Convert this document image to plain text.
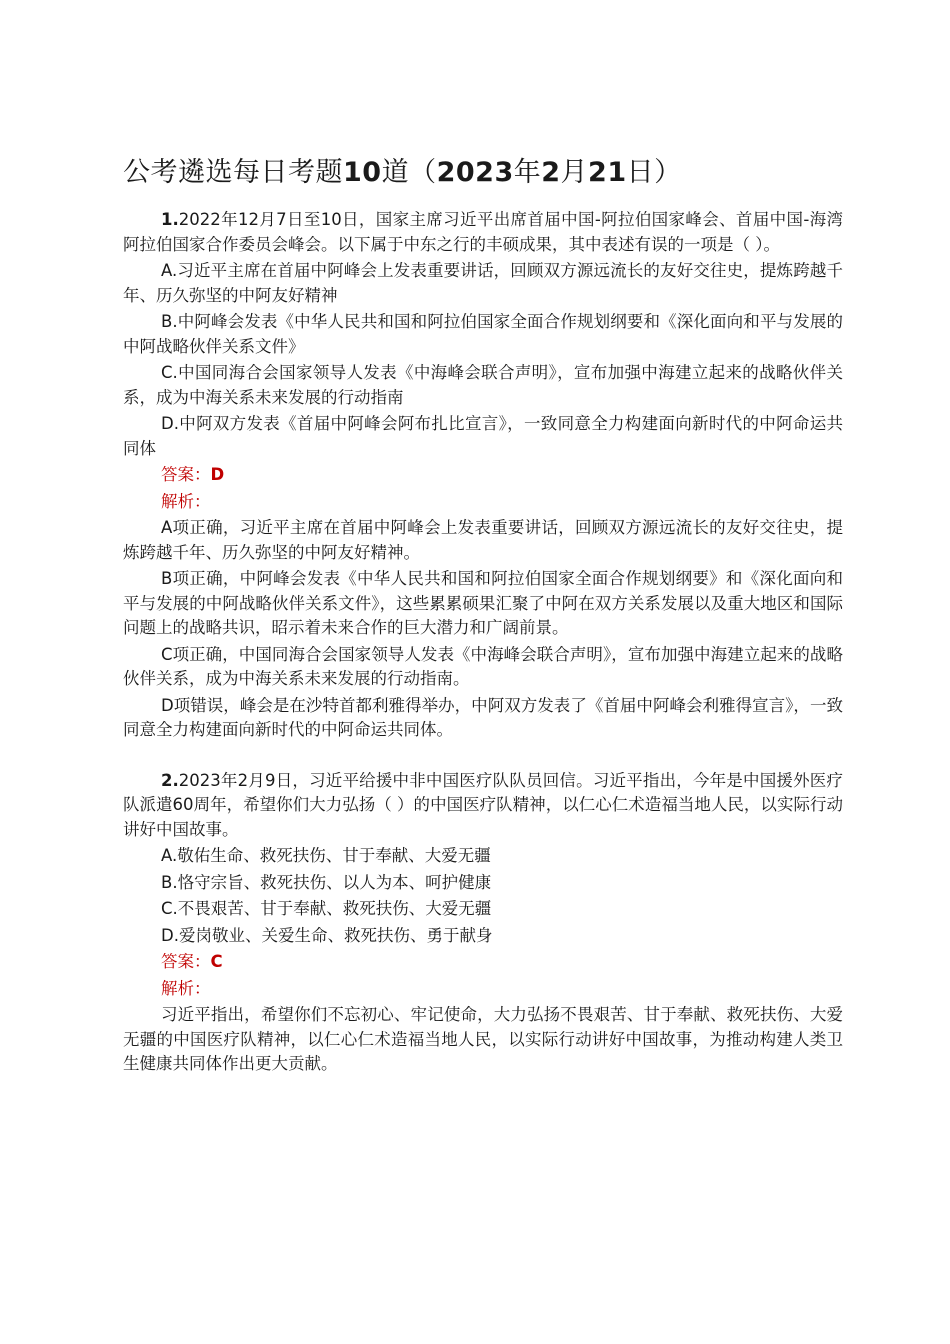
公考遴选每日考题10道（2023年2月21日）

1.2022年12月7日至10日，国家主席习近平出席首届中国-阿拉伯国家峰会、首届中国-海湾阿拉伯国家合作委员会峰会。以下属于中东之行的丰硕成果，其中表述有误的一项是（ ）。

A.习近平主席在首届中阿峰会上发表重要讲话，回顾双方源远流长的友好交往史，提炼跨越千年、历久弥坚的中阿友好精神

B.中阿峰会发表《中华人民共和国和阿拉伯国家全面合作规划纲要和《深化面向和平与发展的中阿战略伙伴关系文件》

C.中国同海合会国家领导人发表《中海峰会联合声明》，宣布加强中海建立起来的战略伙伴关系，成为中海关系未来发展的行动指南

D.中阿双方发表《首届中阿峰会阿布扎比宣言》，一致同意全力构建面向新时代的中阿命运共同体

答案：D

解析：

A项正确，习近平主席在首届中阿峰会上发表重要讲话，回顾双方源远流长的友好交往史，提炼跨越千年、历久弥坚的中阿友好精神。

B项正确，中阿峰会发表《中华人民共和国和阿拉伯国家全面合作规划纲要》和《深化面向和平与发展的中阿战略伙伴关系文件》，这些累累硕果汇聚了中阿在双方关系发展以及重大地区和国际问题上的战略共识，昭示着未来合作的巨大潜力和广阔前景。

C项正确，中国同海合会国家领导人发表《中海峰会联合声明》，宣布加强中海建立起来的战略伙伴关系，成为中海关系未来发展的行动指南。

D项错误，峰会是在沙特首都利雅得举办，中阿双方发表了《首届中阿峰会利雅得宣言》，一致同意全力构建面向新时代的中阿命运共同体。

2.2023年2月9日，习近平给援中非中国医疗队队员回信。习近平指出，今年是中国援外医疗队派遣60周年，希望你们大力弘扬（ ）的中国医疗队精神，以仁心仁术造福当地人民，以实际行动讲好中国故事。

A.敬佑生命、救死扶伤、甘于奉献、大爱无疆

B.恪守宗旨、救死扶伤、以人为本、呵护健康

C.不畏艰苦、甘于奉献、救死扶伤、大爱无疆

D.爱岗敬业、关爱生命、救死扶伤、勇于献身

答案：C

解析：

习近平指出，希望你们不忘初心、牢记使命，大力弘扬不畏艰苦、甘于奉献、救死扶伤、大爱无疆的中国医疗队精神，以仁心仁术造福当地人民，以实际行动讲好中国故事，为推动构建人类卫生健康共同体作出更大贡献。
